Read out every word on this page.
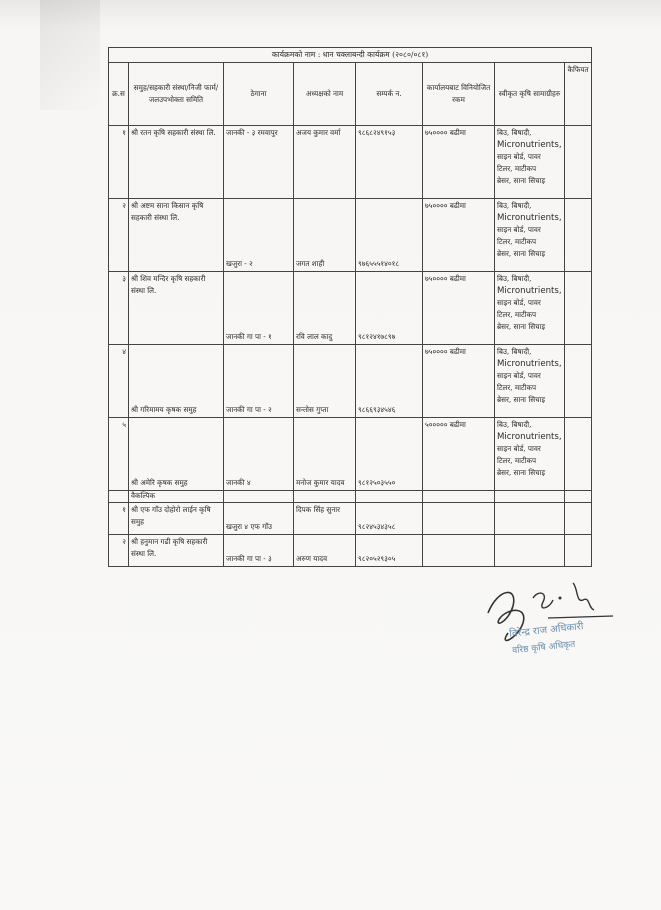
कार्यक्रमको नाम : धान चक्लाबन्दी कार्यक्रम (२०८०/०८१)							
क्र.स	समुह/सहकारी संस्था/निजी फार्म/जलउपभोक्ता समिति	ठेगाना	अध्यक्षको नाम	सम्पर्क न.	कार्यालयबाट विनियोजित रकम	स्वीकृत कृषि सामाग्रीहरु	कैफियत
१	श्री रतन कृषि सहकारी संस्था लि.	जानकी - ३ रमवापुर	अजय कुमार वर्मा	९८६८२४९१५३	७५०००० बढीमा	बिउ, बिषादी,
Micronutrients,
साइन बोर्ड, पावर
टिलर, माटीकप
ब्रेसर, साना सिचाइ	

२	श्री अष्टम साना किसान कृषि सहकारी संस्था लि.	खजुरा - २	जगत शाही	९७६५५५१४०१८	७५०००० बढीमा	बिउ, बिषादी,
Micronutrients,
साइन बोर्ड, पावर
टिलर, माटीकप
ब्रेसर, साना सिचाइ	

३	श्री शिव मन्दिर कृषि सहकारी संस्था लि.	जानकी गा पा - १	रवि लाल कादु	९८१२४१७८९७	७५०००० बढीमा	बिउ, बिषादी,
Micronutrients,
साइन बोर्ड, पावर
टिलर, माटीकप
ब्रेसर, साना सिचाइ	

४	श्री गरिमामय कृषक समुह	जानकी गा पा - २	सन्तोस गुप्ता	९८६६९३४५४६	७५०००० बढीमा	बिउ, बिषादी,
Micronutrients,
साइन बोर्ड, पावर
टिलर, माटीकप
ब्रेसर, साना सिचाइ	

५	श्री अमेरि कृषक समुह	जानकी ४	मनोज कुमार यादव	९८१२५०३५५०	५००००० बढीमा	बिउ, बिषादी,
Micronutrients,
साइन बोर्ड, पावर
टिलर, माटीकप
ब्रेसर, साना सिचाइ	

	वैकल्पिक						
१	श्री एफ गाँउ दोहोरो लाईन कृषि समुह	खजुरा ४ एफ गाँउ	दिपक सिंह सुनार	९८२४५३४३५८			
२	श्री हनुमान गढी कृषि सहकारी संस्था लि.	जानकी गा पा - ३	अरुण यादव	९८२०५२९३०५			
विरेन्द्र राज अधिकारी
वरिष्ठ कृषि अधिकृत
